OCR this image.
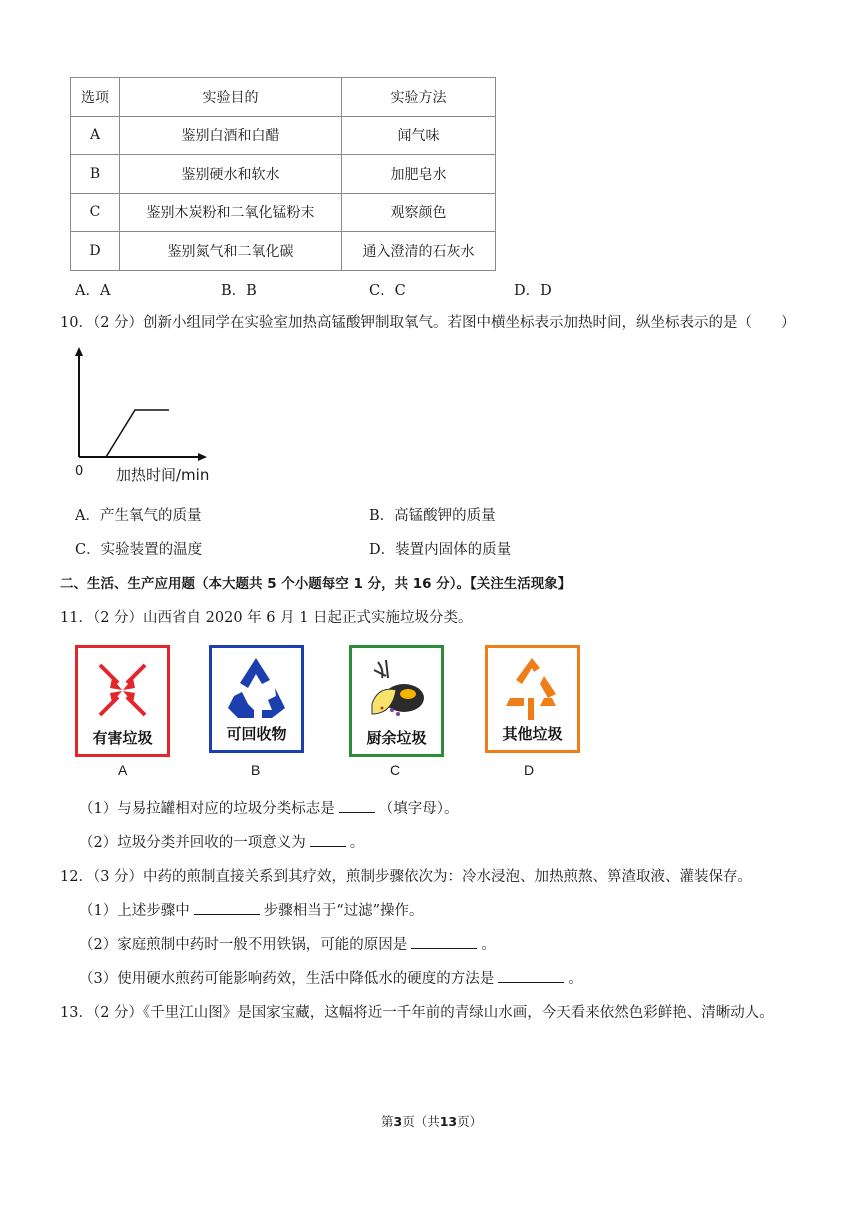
选项	实验目的	实验方法
A	鉴别白酒和白醋	闻气味
B	鉴别硬水和软水	加肥皂水
C	鉴别木炭粉和二氧化锰粉末	观察颜色
D	鉴别氮气和二氧化碳	通入澄清的石灰水
A．A	B．B	C．C	D．D
10．（2 分）创新小组同学在实验室加热高锰酸钾制取氧气。若图中横坐标表示加热时间，纵坐标表示的是（　　）
0 加热时间/min
A．产生氧气的质量	B．高锰酸钾的质量
C．实验装置的温度	D．装置内固体的质量
二、生活、生产应用题（本大题共 5 个小题每空 1 分，共 16 分）。【关注生活现象】
11．（2 分）山西省自 2020 年 6 月 1 日起正式实施垃圾分类。
有害垃圾	可回收物	厨余垃圾	其他垃圾
A	B	C	D
（1）与易拉罐相对应的垃圾分类标志是	（填字母）。
（2）垃圾分类并回收的一项意义为	。
12．（3 分）中药的煎制直接关系到其疗效，煎制步骤依次为：冷水浸泡、加热煎熬、箅渣取液、灌装保存。
（1）上述步骤中	步骤相当于“过滤”操作。
（2）家庭煎制中药时一般不用铁锅，可能的原因是	。
（3）使用硬水煎药可能影响药效，生活中降低水的硬度的方法是	。
13．（2 分）《千里江山图》是国家宝藏，这幅将近一千年前的青绿山水画，今天看来依然色彩鲜艳、清晰动人。
第3页（共13页）
